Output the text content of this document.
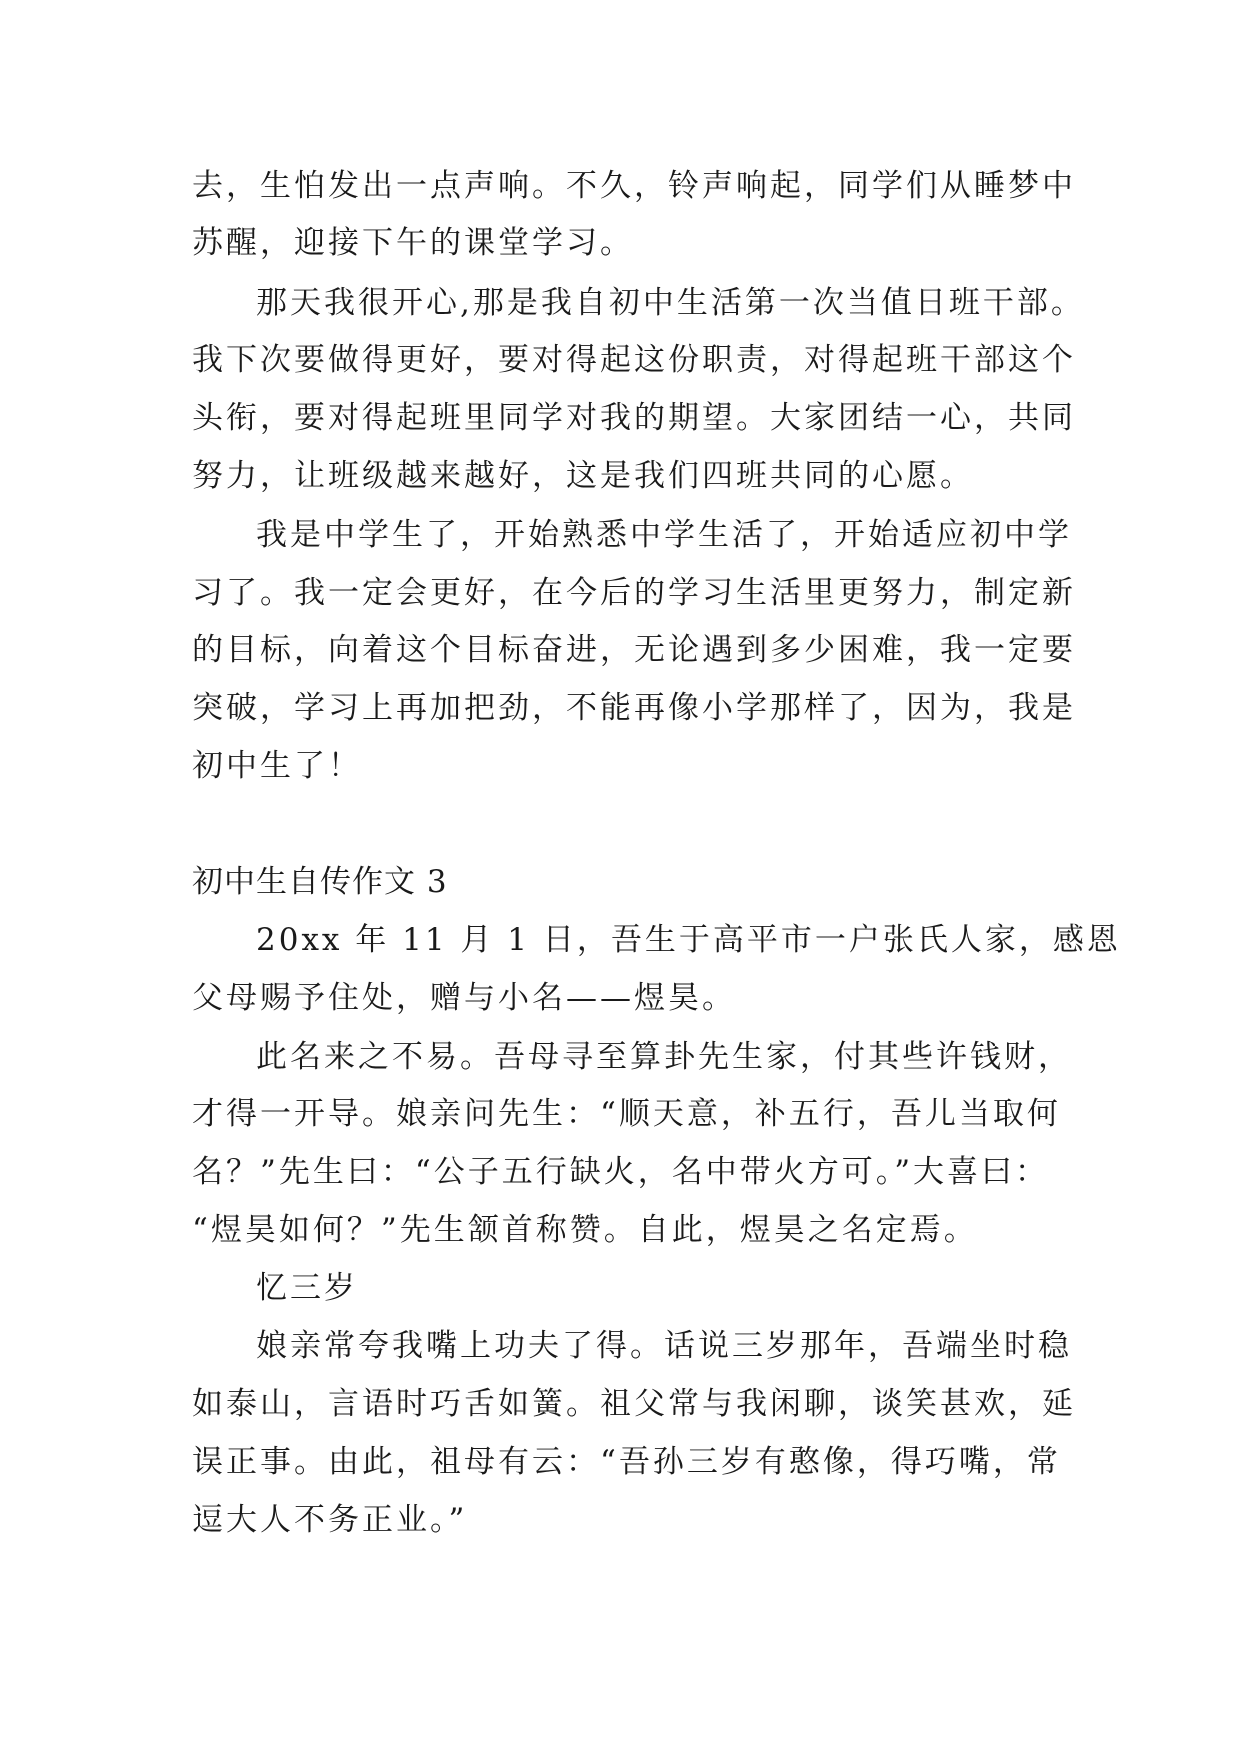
去，生怕发出一点声响。不久，铃声响起，同学们从睡梦中
苏醒，迎接下午的课堂学习。
那天我很开心,那是我自初中生活第一次当值日班干部。
我下次要做得更好，要对得起这份职责，对得起班干部这个
头衔，要对得起班里同学对我的期望。大家团结一心，共同
努力，让班级越来越好，这是我们四班共同的心愿。
我是中学生了，开始熟悉中学生活了，开始适应初中学
习了。我一定会更好，在今后的学习生活里更努力，制定新
的目标，向着这个目标奋进，无论遇到多少困难，我一定要
突破，学习上再加把劲，不能再像小学那样了，因为，我是
初中生了！
初中生自传作文 3
20xx 年 11 月 1 日，吾生于高平市一户张氏人家，感恩
父母赐予住处，赠与小名——煜昊。
此名来之不易。吾母寻至算卦先生家，付其些许钱财，
才得一开导。娘亲问先生：“顺天意，补五行，吾儿当取何
名？”先生曰：“公子五行缺火，名中带火方可。”大喜曰：
“煜昊如何？”先生颔首称赞。自此，煜昊之名定焉。
忆三岁
娘亲常夸我嘴上功夫了得。话说三岁那年，吾端坐时稳
如泰山，言语时巧舌如簧。祖父常与我闲聊，谈笑甚欢，延
误正事。由此，祖母有云：“吾孙三岁有憨像，得巧嘴，常
逗大人不务正业。”
